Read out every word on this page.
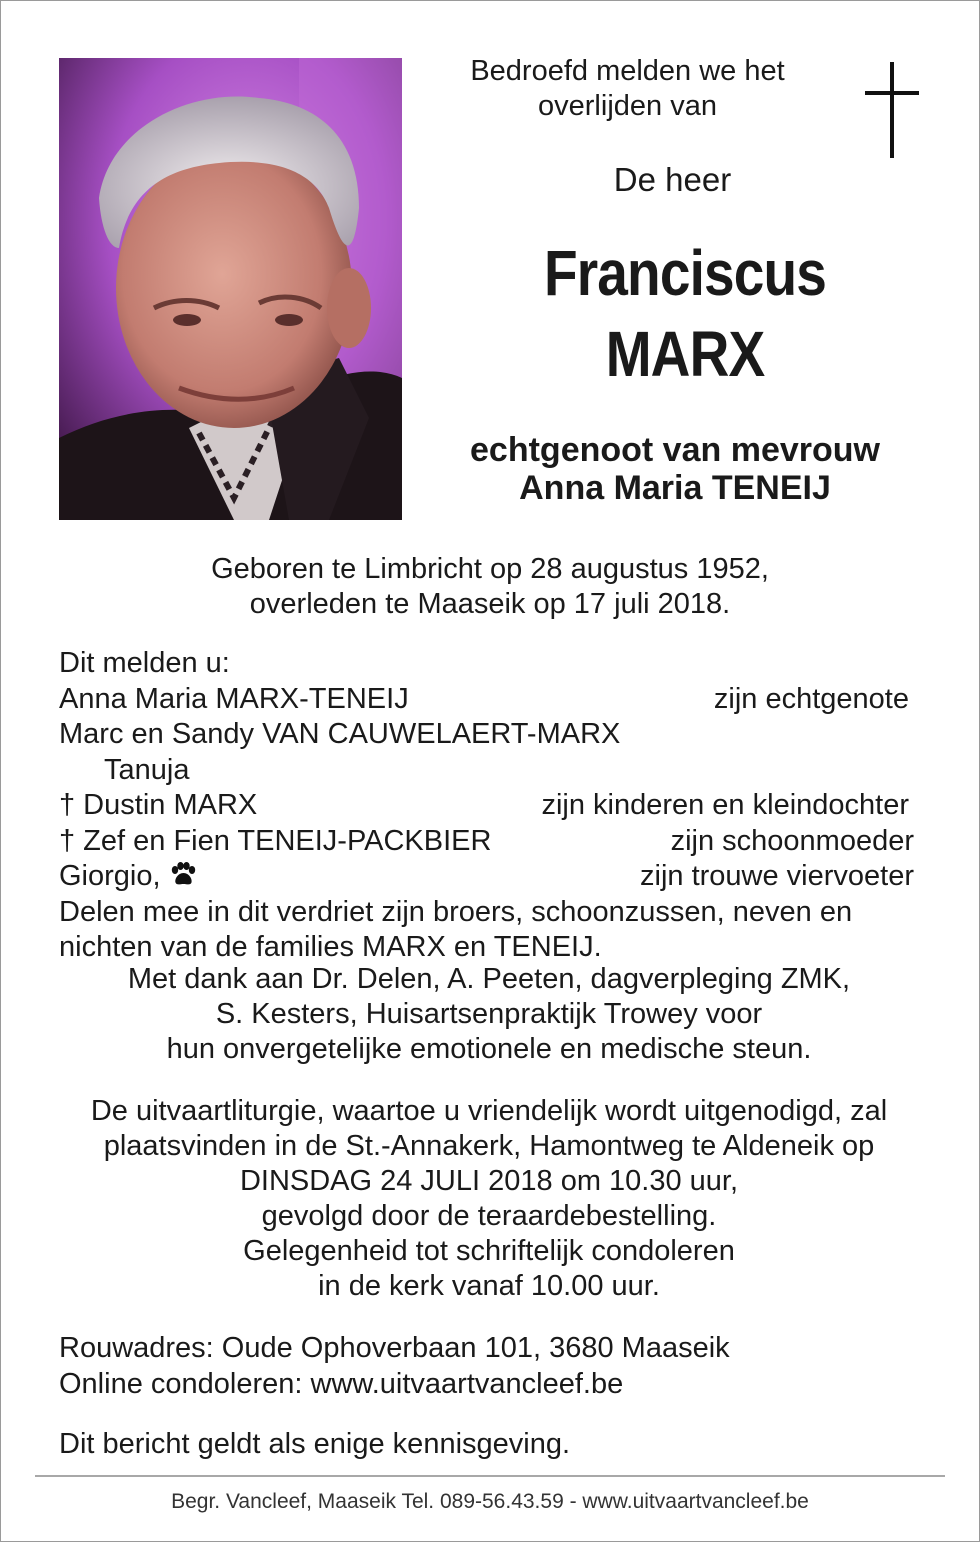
Bedroefd melden we het
overlijden van
De heer
Franciscus
MARX
echtgenoot van mevrouw
Anna Maria TENEIJ
Geboren te Limbricht op 28 augustus 1952,
overleden te Maaseik op 17 juli 2018.
Dit melden u:
Anna Maria MARX-TENEIJ	zijn echtgenote
Marc en Sandy VAN CAUWELAERT-MARX
Tanuja
† Dustin MARX	zijn kinderen en kleindochter
† Zef en Fien TENEIJ-PACKBIER	zijn schoonmoeder
Giorgio,	zijn trouwe viervoeter
Delen mee in dit verdriet zijn broers, schoonzussen, neven en
nichten van de families MARX en TENEIJ.
Met dank aan Dr. Delen, A. Peeten, dagverpleging ZMK,
S. Kesters, Huisartsenpraktijk Trowey voor
hun onvergetelijke emotionele en medische steun.
De uitvaartliturgie, waartoe u vriendelijk wordt uitgenodigd, zal
plaatsvinden in de St.-Annakerk, Hamontweg te Aldeneik op
DINSDAG 24 JULI 2018 om 10.30 uur,
gevolgd door de teraardebestelling.
Gelegenheid tot schriftelijk condoleren
in de kerk vanaf 10.00 uur.
Rouwadres: Oude Ophoverbaan 101, 3680 Maaseik
Online condoleren: www.uitvaartvancleef.be
Dit bericht geldt als enige kennisgeving.
Begr. Vancleef, Maaseik Tel. 089-56.43.59 - www.uitvaartvancleef.be
